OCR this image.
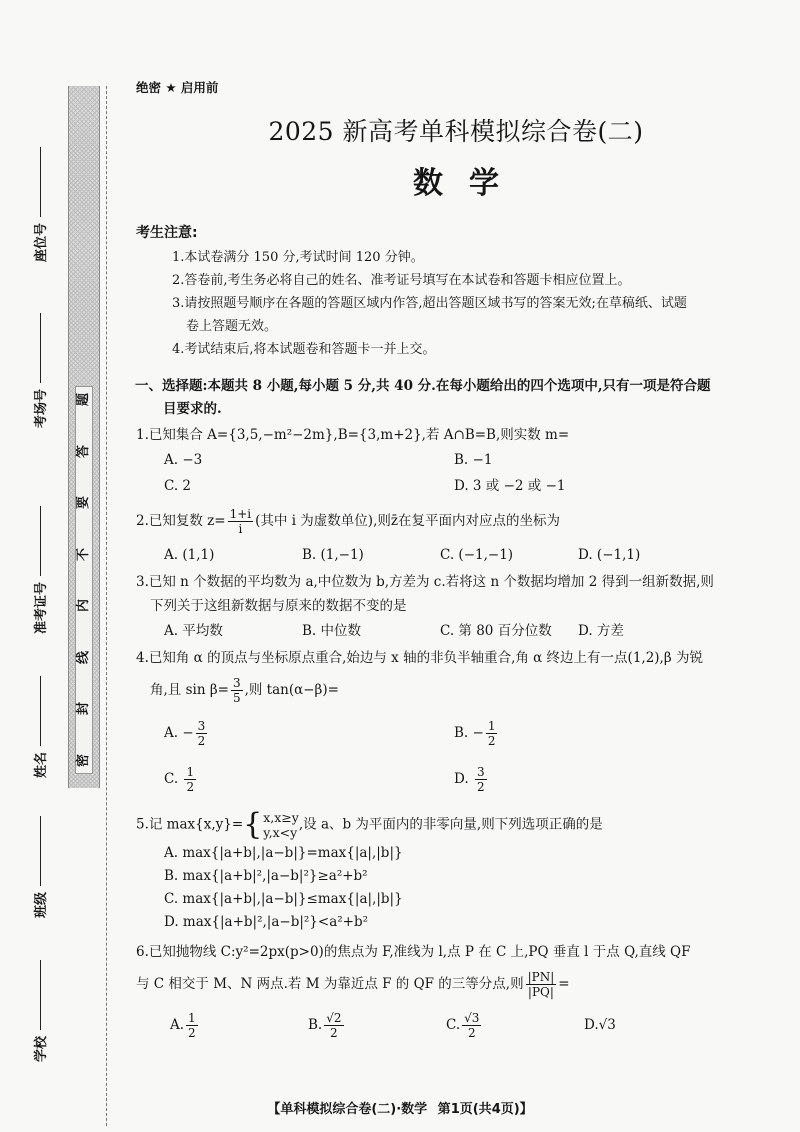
座位号
考场号
准考证号
姓名
班级
学校
密
封
线
内
不
要
答
题
绝密 ★ 启用前
2025 新高考单科模拟综合卷(二)
数学
考生注意:
1.本试卷满分 150 分,考试时间 120 分钟。
2.答卷前,考生务必将自己的姓名、准考证号填写在本试卷和答题卡相应位置上。
3.请按照题号顺序在各题的答题区域内作答,超出答题区域书写的答案无效;在草稿纸、试题
卷上答题无效。
4.考试结束后,将本试题卷和答题卡一并上交。
一、选择题:本题共 8 小题,每小题 5 分,共 40 分.在每小题给出的四个选项中,只有一项是符合题
目要求的.
1.已知集合 A={3,5,−m²−2m},B={3,m+2},若 A∩B=B,则实数 m=
A. −3	B. −1
C. 2	D. 3 或 −2 或 −1
2.已知复数 $z= \frac{1+i}{i}$ (其中 i 为虚数单位),则z̄在复平面内对应点的坐标为
A. (1,1)	B. (1,−1)	C. (−1,−1)	D. (−1,1)
3.已知 n 个数据的平均数为 a,中位数为 b,方差为 c.若将这 n 个数据均增加 2 得到一组新数据,则
下列关于这组新数据与原来的数据不变的是
A. 平均数	B. 中位数	C. 第 80 百分位数	D. 方差
4.已知角 α 的顶点与坐标原点重合,始边与 x 轴的非负半轴重合,角 α 终边上有一点(1,2),β 为锐
角,且 $\sin \beta= \frac{3}{5}$ ,则 tan(α−β)=
A. − $\frac{3}{2}$	B. − $\frac{1}{2}$
C. $\frac{1}{2}$	D. $\frac{3}{2}$
5.记 max{x,y}= { x,x≥y
y,x<y ,设 a、b 为平面内的非零向量,则下列选项正确的是
A. max{|a+b|,|a−b|}=max{|a|,|b|}
B. max{|a+b|²,|a−b|²}≥a²+b²
C. max{|a+b|,|a−b|}≤max{|a|,|b|}
D. max{|a+b|²,|a−b|²}<a²+b²
6.已知抛物线 C:y²=2px(p>0)的焦点为 F,准线为 l,点 P 在 C 上,PQ 垂直 l 于点 Q,直线 QF
与 C 相交于 M、N 两点.若 M 为靠近点 F 的 QF 的三等分点,则 $\frac{|PN|}{|PQ|}$ =
A. $\frac{1}{2}$	B. $\frac{√2}{2}$	C. $\frac{√3}{2}$	D.√3
【单科模拟综合卷(二)·数学 第1页(共4页)】
